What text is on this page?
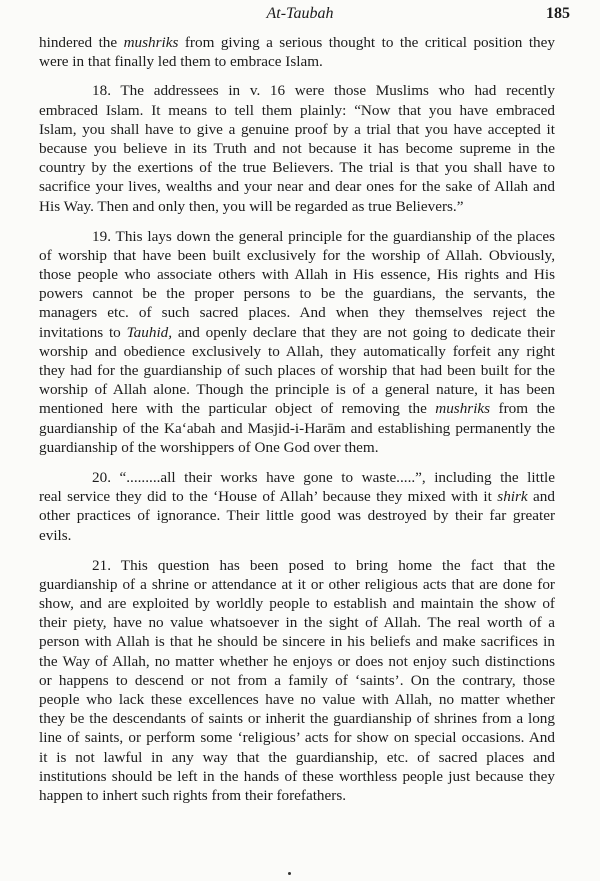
At-Taubah	185
hindered the mushriks from giving a serious thought to the critical position they
were in that finally led them to embrace Islam.
18. The addressees in v. 16 were those Muslims who had recently
embraced Islam. It means to tell them plainly: “Now that you have embraced
Islam, you shall have to give a genuine proof by a trial that you have accepted it
because you believe in its Truth and not because it has become supreme in the
country by the exertions of the true Believers. The trial is that you shall have to
sacrifice your lives, wealths and your near and dear ones for the sake of Allah and
His Way. Then and only then, you will be regarded as true Believers.”
19. This lays down the general principle for the guardianship of the places
of worship that have been built exclusively for the worship of Allah. Obviously,
those people who associate others with Allah in His essence, His rights and His
powers cannot be the proper persons to be the guardians, the servants, the
managers etc. of such sacred places. And when they themselves reject the
invitations to Tauhid, and openly declare that they are not going to dedicate their
worship and obedience exclusively to Allah, they automatically forfeit any right
they had for the guardianship of such places of worship that had been built for the
worship of Allah alone. Though the principle is of a general nature, it has been
mentioned here with the particular object of removing the mushriks from the
guardianship of the Ka‘abah and Masjid-i-Harām and establishing permanently the
guardianship of the worshippers of One God over them.
20. “.........all their works have gone to waste.....”, including the little
real service they did to the ‘House of Allah’ because they mixed with it shirk and
other practices of ignorance. Their little good was destroyed by their far greater
evils.
21. This question has been posed to bring home the fact that the
guardianship of a shrine or attendance at it or other religious acts that are done for
show, and are exploited by worldly people to establish and maintain the show of
their piety, have no value whatsoever in the sight of Allah. The real worth of a
person with Allah is that he should be sincere in his beliefs and make sacrifices in
the Way of Allah, no matter whether he enjoys or does not enjoy such distinctions
or happens to descend or not from a family of ‘saints’. On the contrary, those
people who lack these excellences have no value with Allah, no matter whether
they be the descendants of saints or inherit the guardianship of shrines from a long
line of saints, or perform some ‘religious’ acts for show on special occasions. And
it is not lawful in any way that the guardianship, etc. of sacred places and
institutions should be left in the hands of these worthless people just because they
happen to inhert such rights from their forefathers.
